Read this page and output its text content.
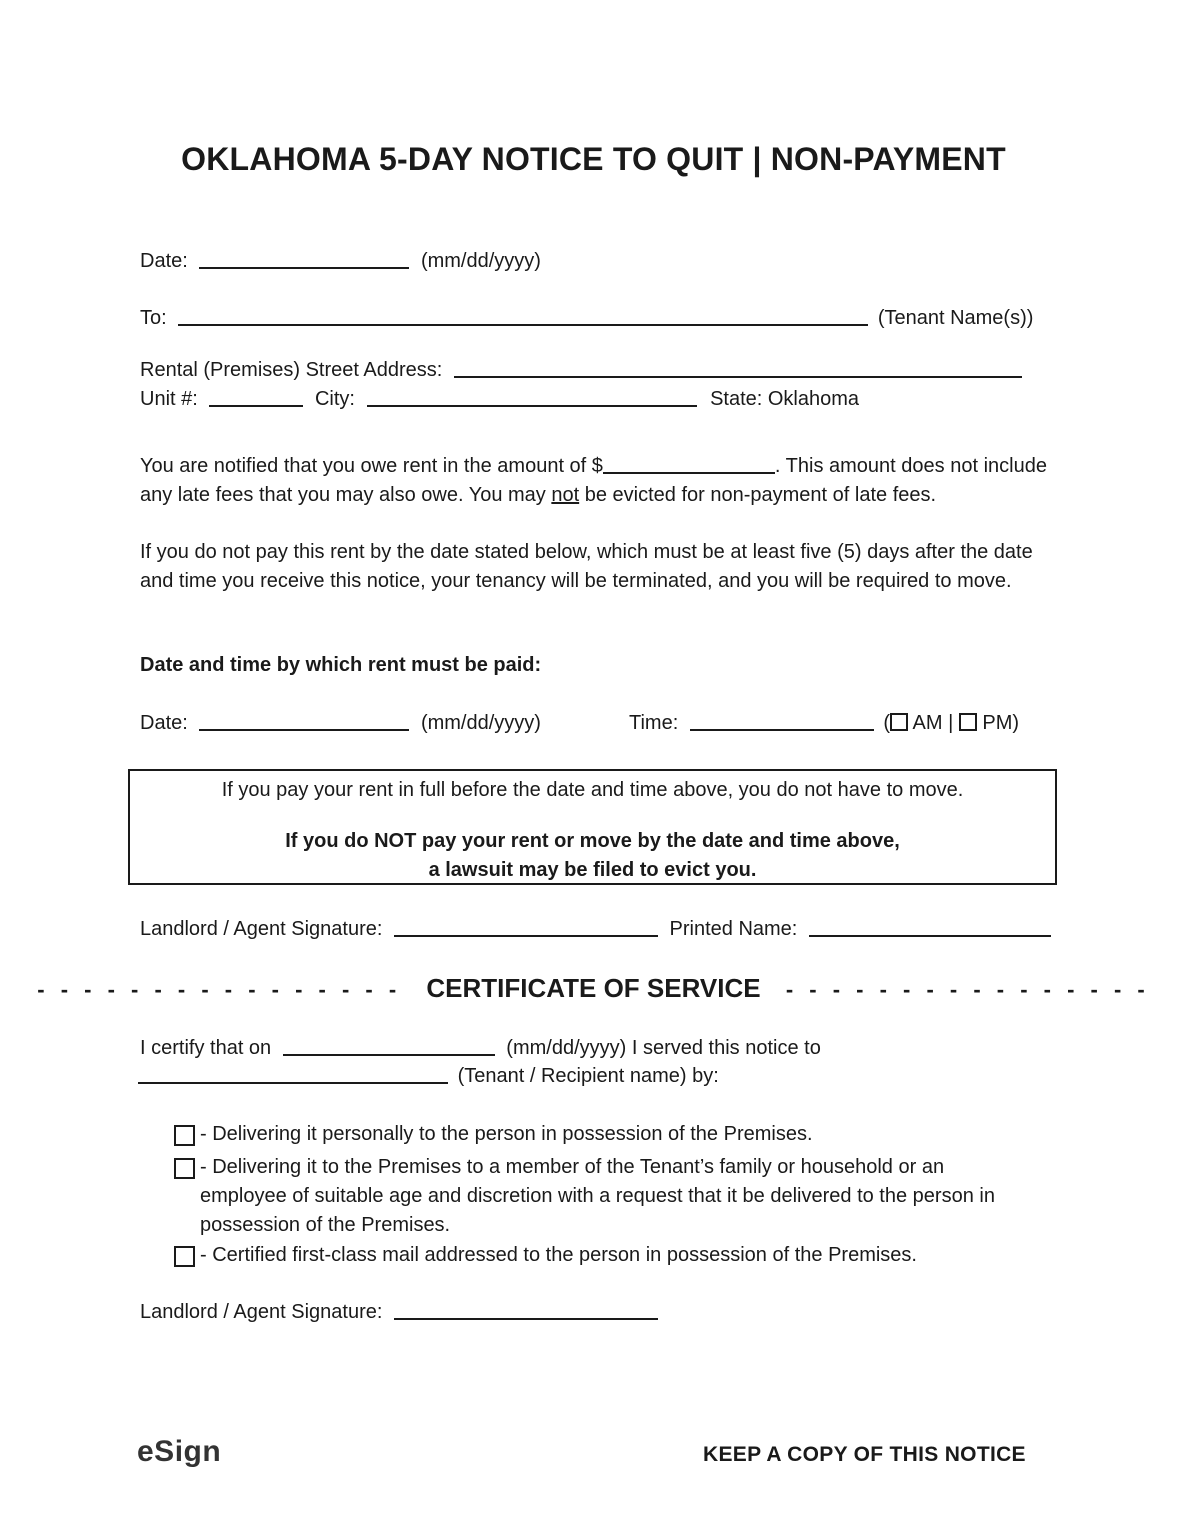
OKLAHOMA 5-DAY NOTICE TO QUIT | NON-PAYMENT
Date:	(mm/dd/yyyy)
To:	(Tenant Name(s))
Rental (Premises) Street Address:
Unit #:	City:	State: Oklahoma
You are notified that you owe rent in the amount of $	. This amount does not include any late fees that you may also owe. You may not be evicted for non-payment of late fees.
If you do not pay this rent by the date stated below, which must be at least five (5) days after the date and time you receive this notice, your tenancy will be terminated, and you will be required to move.
Date and time by which rent must be paid:
Date:	(mm/dd/yyyy)	Time:	( AM | PM)
If you pay your rent in full before the date and time above, you do not have to move.
If you do NOT pay your rent or move by the date and time above,
a lawsuit may be filed to evict you.
Landlord / Agent Signature:	Printed Name:
- - - - - - - - - - - - - - - - CERTIFICATE OF SERVICE - - - - - - - - - - - - - - - -
I certify that on	(mm/dd/yyyy) I served this notice to
(Tenant / Recipient name) by:
- Delivering it personally to the person in possession of the Premises.
- Delivering it to the Premises to a member of the Tenant’s family or household or an employee of suitable age and discretion with a request that it be delivered to the person in possession of the Premises.
- Certified first-class mail addressed to the person in possession of the Premises.
Landlord / Agent Signature:
eSign	KEEP A COPY OF THIS NOTICE
